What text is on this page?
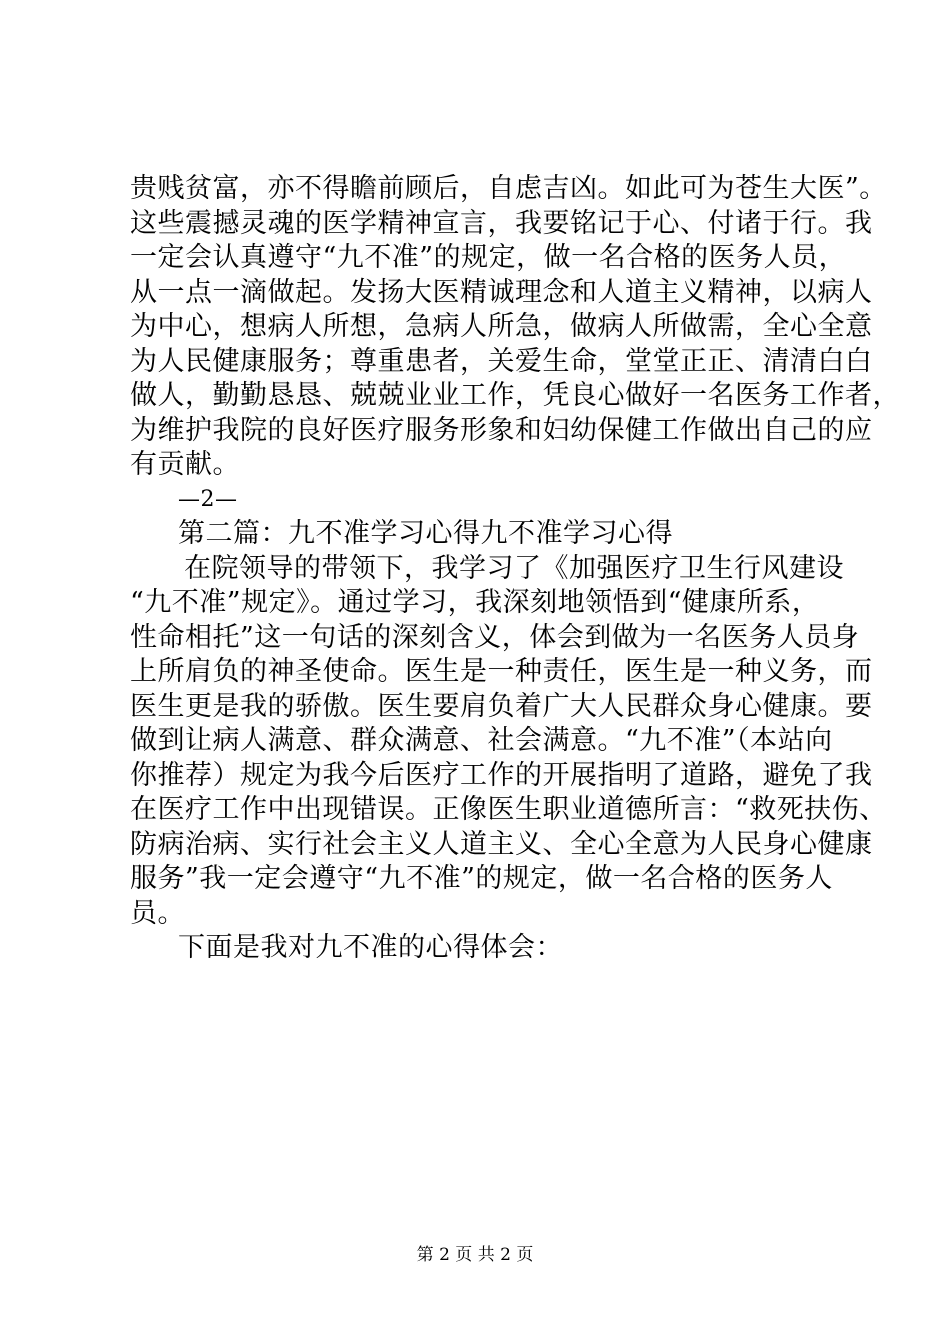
贵贱贫富，亦不得瞻前顾后，自虑吉凶。如此可为苍生大医”。
这些震撼灵魂的医学精神宣言，我要铭记于心、付诸于行。我
一定会认真遵守“九不准”的规定，做一名合格的医务人员，
从一点一滴做起。发扬大医精诚理念和人道主义精神，以病人
为中心，想病人所想，急病人所急，做病人所做需，全心全意
为人民健康服务；尊重患者，关爱生命，堂堂正正、清清白白
做人，勤勤恳恳、兢兢业业工作，凭良心做好一名医务工作者，
为维护我院的良好医疗服务形象和妇幼保健工作做出自己的应
有贡献。
—2—
第二篇：九不准学习心得九不准学习心得
在院领导的带领下，我学习了《加强医疗卫生行风建设
“九不准”规定》。通过学习，我深刻地领悟到“健康所系，
性命相托”这一句话的深刻含义，体会到做为一名医务人员身
上所肩负的神圣使命。医生是一种责任，医生是一种义务，而
医生更是我的骄傲。医生要肩负着广大人民群众身心健康。要
做到让病人满意、群众满意、社会满意。“九不准”（本站向
你推荐）规定为我今后医疗工作的开展指明了道路，避免了我
在医疗工作中出现错误。正像医生职业道德所言：“救死扶伤、
防病治病、实行社会主义人道主义、全心全意为人民身心健康
服务”我一定会遵守“九不准”的规定，做一名合格的医务人
员。
下面是我对九不准的心得体会：
第 2 页 共 2 页
